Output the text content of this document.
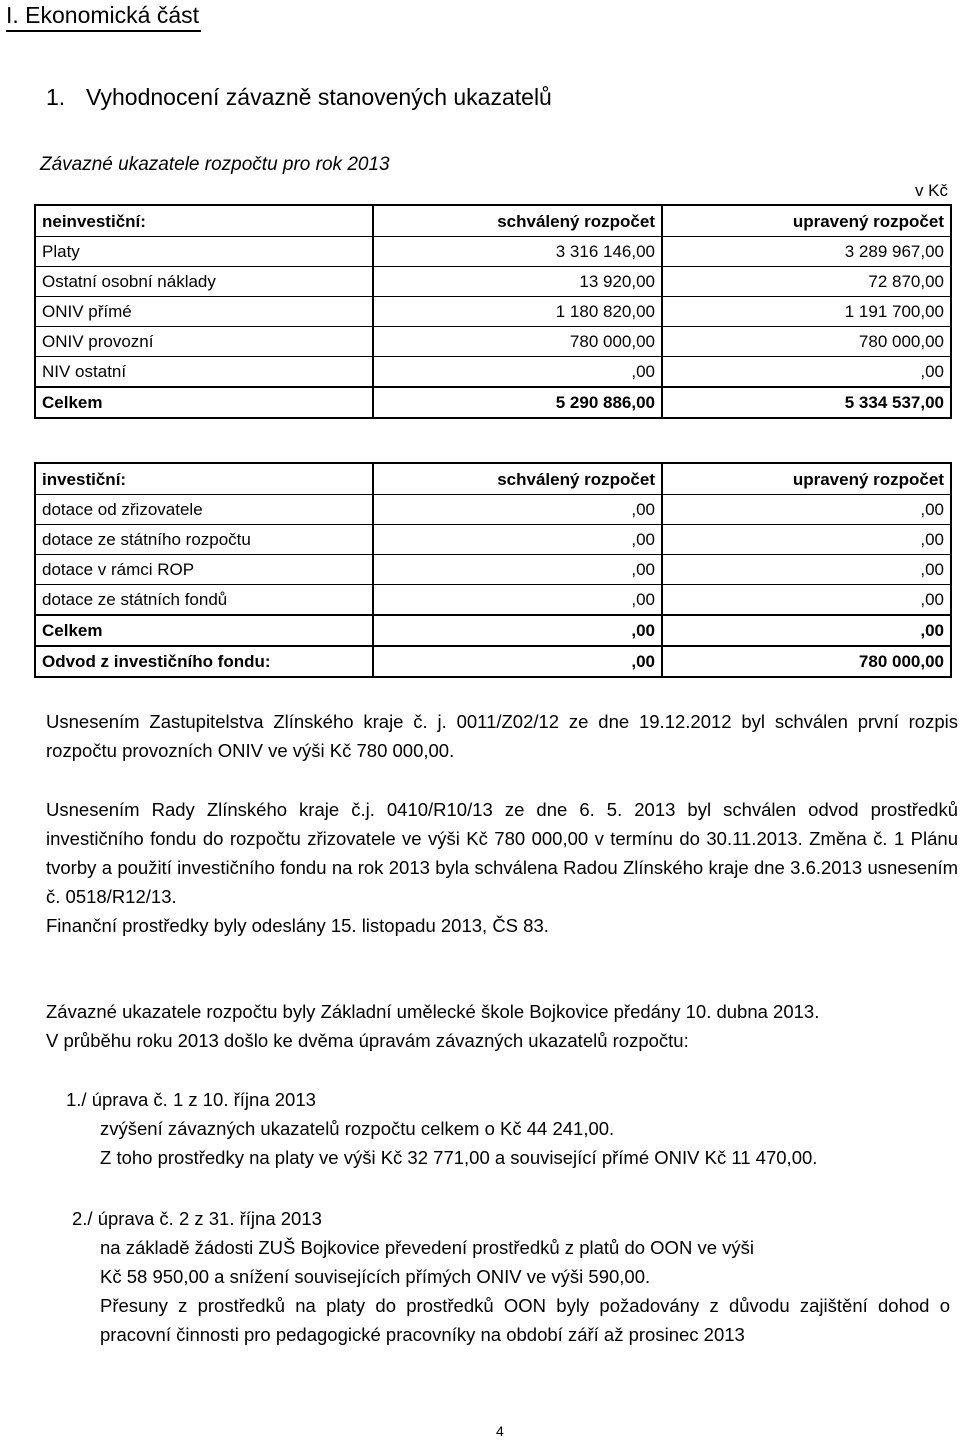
I. Ekonomická část
1. Vyhodnocení závazně stanovených ukazatelů
Závazné ukazatele rozpočtu pro rok 2013
v Kč
neinvestiční:	schválený rozpočet	upravený rozpočet
Platy	3 316 146,00	3 289 967,00
Ostatní osobní náklady	13 920,00	72 870,00
ONIV přímé	1 180 820,00	1 191 700,00
ONIV provozní	780 000,00	780 000,00
NIV ostatní	,00	,00
Celkem	5 290 886,00	5 334 537,00
investiční:	schválený rozpočet	upravený rozpočet
dotace od zřizovatele	,00	,00
dotace ze státního rozpočtu	,00	,00
dotace v rámci ROP	,00	,00
dotace ze státních fondů	,00	,00
Celkem	,00	,00
Odvod z investičního fondu:	,00	780 000,00

Usnesením Zastupitelstva Zlínského kraje č. j. 0011/Z02/12 ze dne 19.12.2012 byl schválen první rozpis rozpočtu provozních ONIV ve výši Kč 780 000,00.

Usnesením Rady Zlínského kraje č.j. 0410/R10/13 ze dne 6. 5. 2013 byl schválen odvod prostředků investičního fondu do rozpočtu zřizovatele ve výši Kč 780 000,00 v termínu do 30.11.2013. Změna č. 1 Plánu tvorby a použití investičního fondu na rok 2013 byla schválena Radou Zlínského kraje dne 3.6.2013 usnesením č. 0518/R12/13.

Finanční prostředky byly odeslány 15. listopadu 2013, ČS 83.

Závazné ukazatele rozpočtu byly Základní umělecké škole Bojkovice předány 10. dubna 2013.

V průběhu roku 2013 došlo ke dvěma úpravám závazných ukazatelů rozpočtu:

1./ úprava č. 1 z 10. října 2013
zvýšení závazných ukazatelů rozpočtu celkem o Kč 44 241,00.
Z toho prostředky na platy ve výši Kč 32 771,00 a související přímé ONIV Kč 11 470,00.
2./ úprava č. 2 z 31. října 2013
na základě žádosti ZUŠ Bojkovice převedení prostředků z platů do OON ve výši
Kč 58 950,00 a snížení souvisejících přímých ONIV ve výši 590,00.

Přesuny z prostředků na platy do prostředků OON byly požadovány z důvodu zajištění dohod o pracovní činnosti pro pedagogické pracovníky na období září až prosinec 2013

4
